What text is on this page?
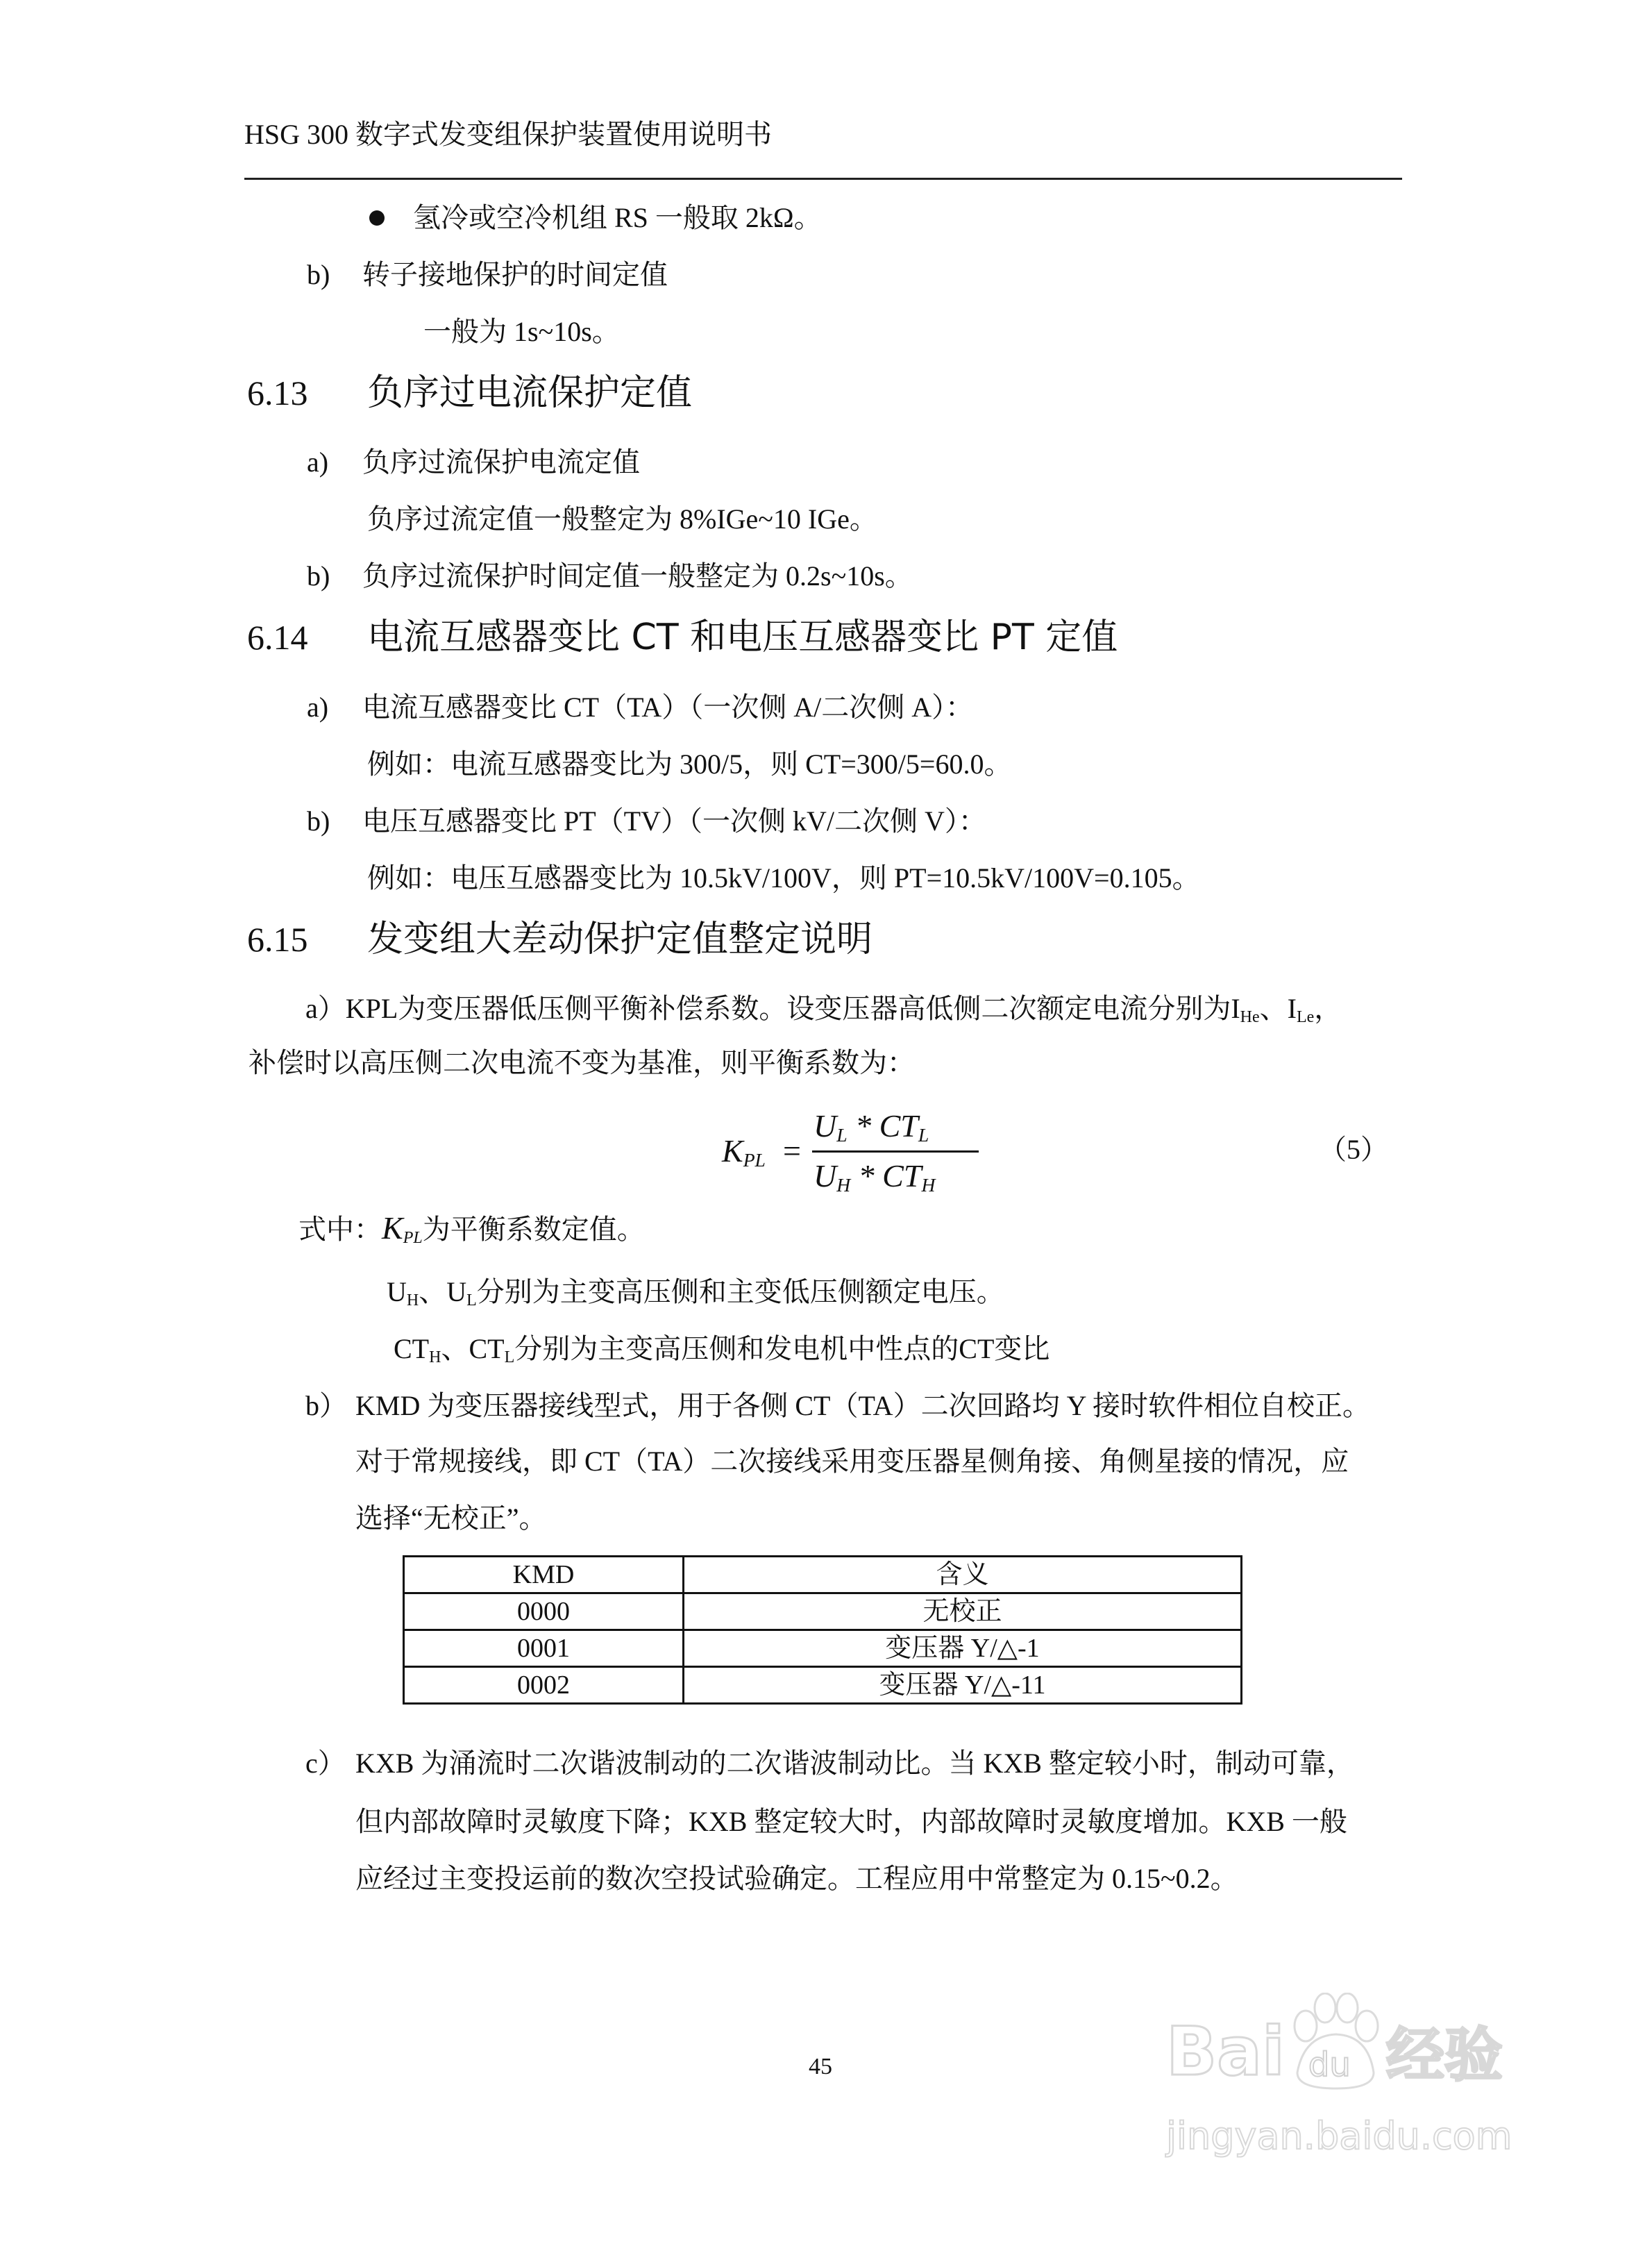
HSG 300 数字式发变组保护装置使用说明书
氢冷或空冷机组 RS 一般取 2kΩ。
b) 转子接地保护的时间定值
一般为 1s~10s。
6.13 负序过电流保护定值
a) 负序过流保护电流定值
负序过流定值一般整定为 8%IGe~10 IGe。
b) 负序过流保护时间定值一般整定为 0.2s~10s。
6.14 电流互感器变比 CT 和电压互感器变比 PT 定值
a) 电流互感器变比 CT（TA）（一次侧 A/二次侧 A）：
例如：电流互感器变比为 300/5，则 CT=300/5=60.0。
b) 电压互感器变比 PT（TV）（一次侧 kV/二次侧 V）：
例如：电压互感器变比为 10.5kV/100V，则 PT=10.5kV/100V=0.105。
6.15 发变组大差动保护定值整定说明
a）KPL为变压器低压侧平衡补偿系数。设变压器高低侧二次额定电流分别为$I_{He}$、$I_{Le}$，
补偿时以高压侧二次电流不变为基准，则平衡系数为：
$K_{PL}$ =
$U_L * CT_L$
$U_H * CT_H$
（5）
式中：$K_{PL}$为平衡系数定值。
$U_H$、$U_L$分别为主变高压侧和主变低压侧额定电压。
$CT_H$、$CT_L$分别为主变高压侧和发电机中性点的CT变比
b） KMD 为变压器接线型式，用于各侧 CT（TA）二次回路均 Y 接时软件相位自校正。
对于常规接线，即 CT（TA）二次接线采用变压器星侧角接、角侧星接的情况，应
选择“无校正”。
KMD	含义
0000	无校正
0001	变压器 Y/△-1
0002	变压器 Y/△-11
c） KXB 为涌流时二次谐波制动的二次谐波制动比。当 KXB 整定较小时，制动可靠，
但内部故障时灵敏度下降；KXB 整定较大时，内部故障时灵敏度增加。KXB 一般
应经过主变投运前的数次空投试验确定。工程应用中常整定为 0.15~0.2。
45	Bai du 经验
jingyan.baidu.com
